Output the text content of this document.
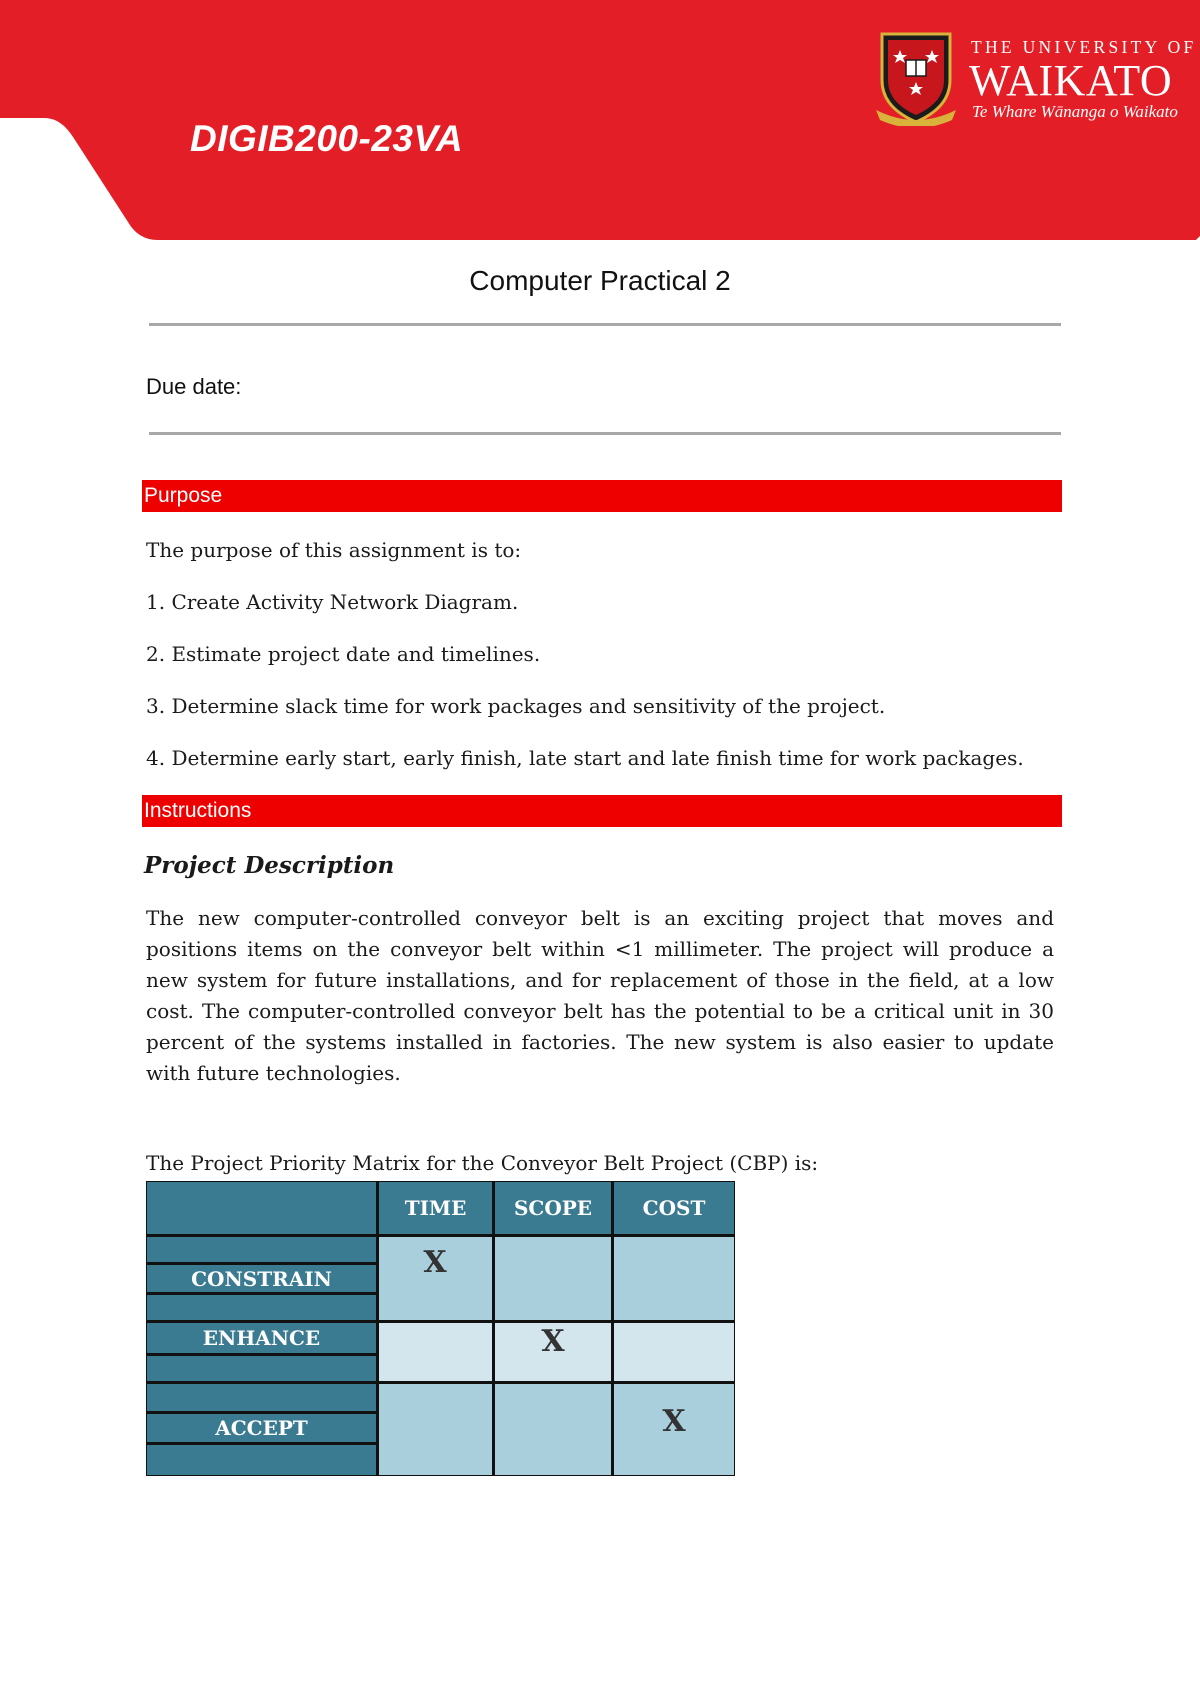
DIGIB200-23VA
THE UNIVERSITY OF
WAIKATO
Te Whare Wānanga o Waikato
Computer Practical 2
Due date:
Purpose
The purpose of this assignment is to:
1. Create Activity Network Diagram.
2. Estimate project date and timelines.
3. Determine slack time for work packages and sensitivity of the project.
4. Determine early start, early finish, late start and late finish time for work packages.
Instructions
Project Description
The new computer-controlled conveyor belt is an exciting project that moves and positions items on the conveyor belt within <1 millimeter. The project will produce a new system for future installations, and for replacement of those in the field, at a low cost. The computer-controlled conveyor belt has the potential to be a critical unit in 30 percent of the systems installed in factories. The new system is also easier to update with future technologies.
The Project Priority Matrix for the Conveyor Belt Project (CBP) is:
TIME	SCOPE	COST
CONSTRAIN
ENHANCE
ACCEPT
X
X
X
